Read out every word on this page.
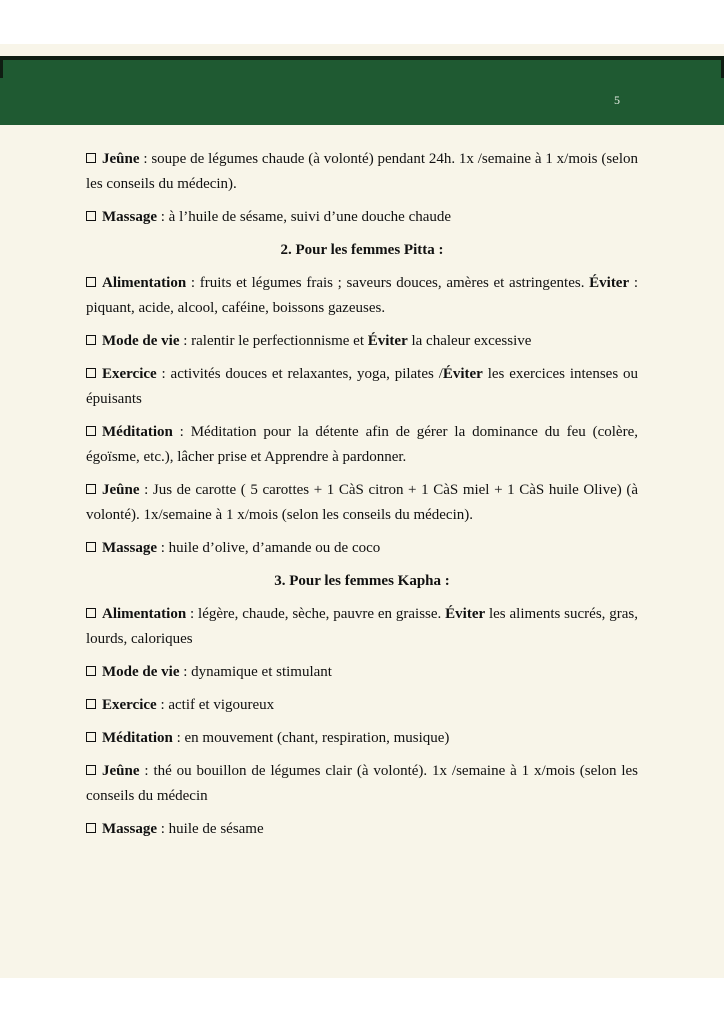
5

Jeûne : soupe de légumes chaude (à volonté) pendant 24h. 1x /semaine à 1 x/mois (selon les conseils du médecin).

Massage : à l’huile de sésame, suivi d’une douche chaude

2. Pour les femmes Pitta :

Alimentation : fruits et légumes frais ; saveurs douces, amères et astringentes. Éviter : piquant, acide, alcool, caféine, boissons gazeuses.

Mode de vie : ralentir le perfectionnisme et Éviter la chaleur excessive

Exercice : activités douces et relaxantes, yoga, pilates /Éviter les exercices intenses ou épuisants

Méditation : Méditation pour la détente afin de gérer la dominance du feu (colère, égoïsme, etc.), lâcher prise et Apprendre à pardonner.

Jeûne : Jus de carotte ( 5 carottes + 1 CàS citron + 1 CàS miel + 1 CàS huile Olive) (à volonté). 1x/semaine à 1 x/mois (selon les conseils du médecin).

Massage : huile d’olive, d’amande ou de coco

3. Pour les femmes Kapha :

Alimentation : légère, chaude, sèche, pauvre en graisse. Éviter les aliments sucrés, gras, lourds, caloriques

Mode de vie : dynamique et stimulant

Exercice : actif et vigoureux

Méditation : en mouvement (chant, respiration, musique)

Jeûne : thé ou bouillon de légumes clair (à volonté). 1x /semaine à 1 x/mois (selon les conseils du médecin

Massage : huile de sésame
